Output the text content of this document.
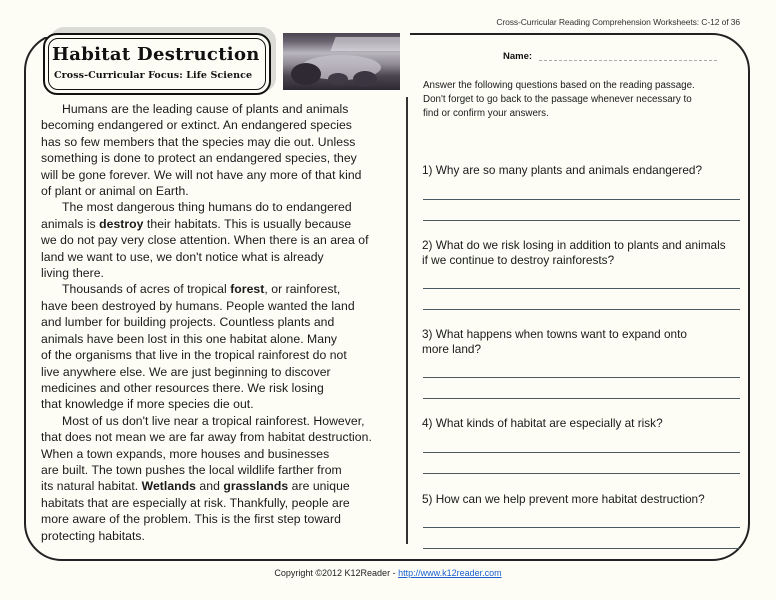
Cross-Curricular Reading Comprehension Worksheets: C-12 of 36
Habitat Destruction
Cross-Curricular Focus: Life Science
Humans are the leading cause of plants and animals
becoming endangered or extinct. An endangered species
has so few members that the species may die out. Unless
something is done to protect an endangered species, they
will be gone forever. We will not have any more of that kind
of plant or animal on Earth.
The most dangerous thing humans do to endangered
animals is destroy their habitats. This is usually because
we do not pay very close attention. When there is an area of
land we want to use, we don't notice what is already
living there.
Thousands of acres of tropical forest, or rainforest,
have been destroyed by humans. People wanted the land
and lumber for building projects. Countless plants and
animals have been lost in this one habitat alone. Many
of the organisms that live in the tropical rainforest do not
live anywhere else. We are just beginning to discover
medicines and other resources there. We risk losing
that knowledge if more species die out.
Most of us don't live near a tropical rainforest. However,
that does not mean we are far away from habitat destruction.
When a town expands, more houses and businesses
are built. The town pushes the local wildlife farther from
its natural habitat. Wetlands and grasslands are unique
habitats that are especially at risk. Thankfully, people are
more aware of the problem. This is the first step toward
protecting habitats.
Name:
Answer the following questions based on the reading passage.
Don't forget to go back to the passage whenever necessary to
find or confirm your answers.
1) Why are so many plants and animals endangered?
2) What do we risk losing in addition to plants and animals
if we continue to destroy rainforests?
3) What happens when towns want to expand onto
more land?
4) What kinds of habitat are especially at risk?
5) How can we help prevent more habitat destruction?
Copyright ©2012 K12Reader - http://www.k12reader.com
